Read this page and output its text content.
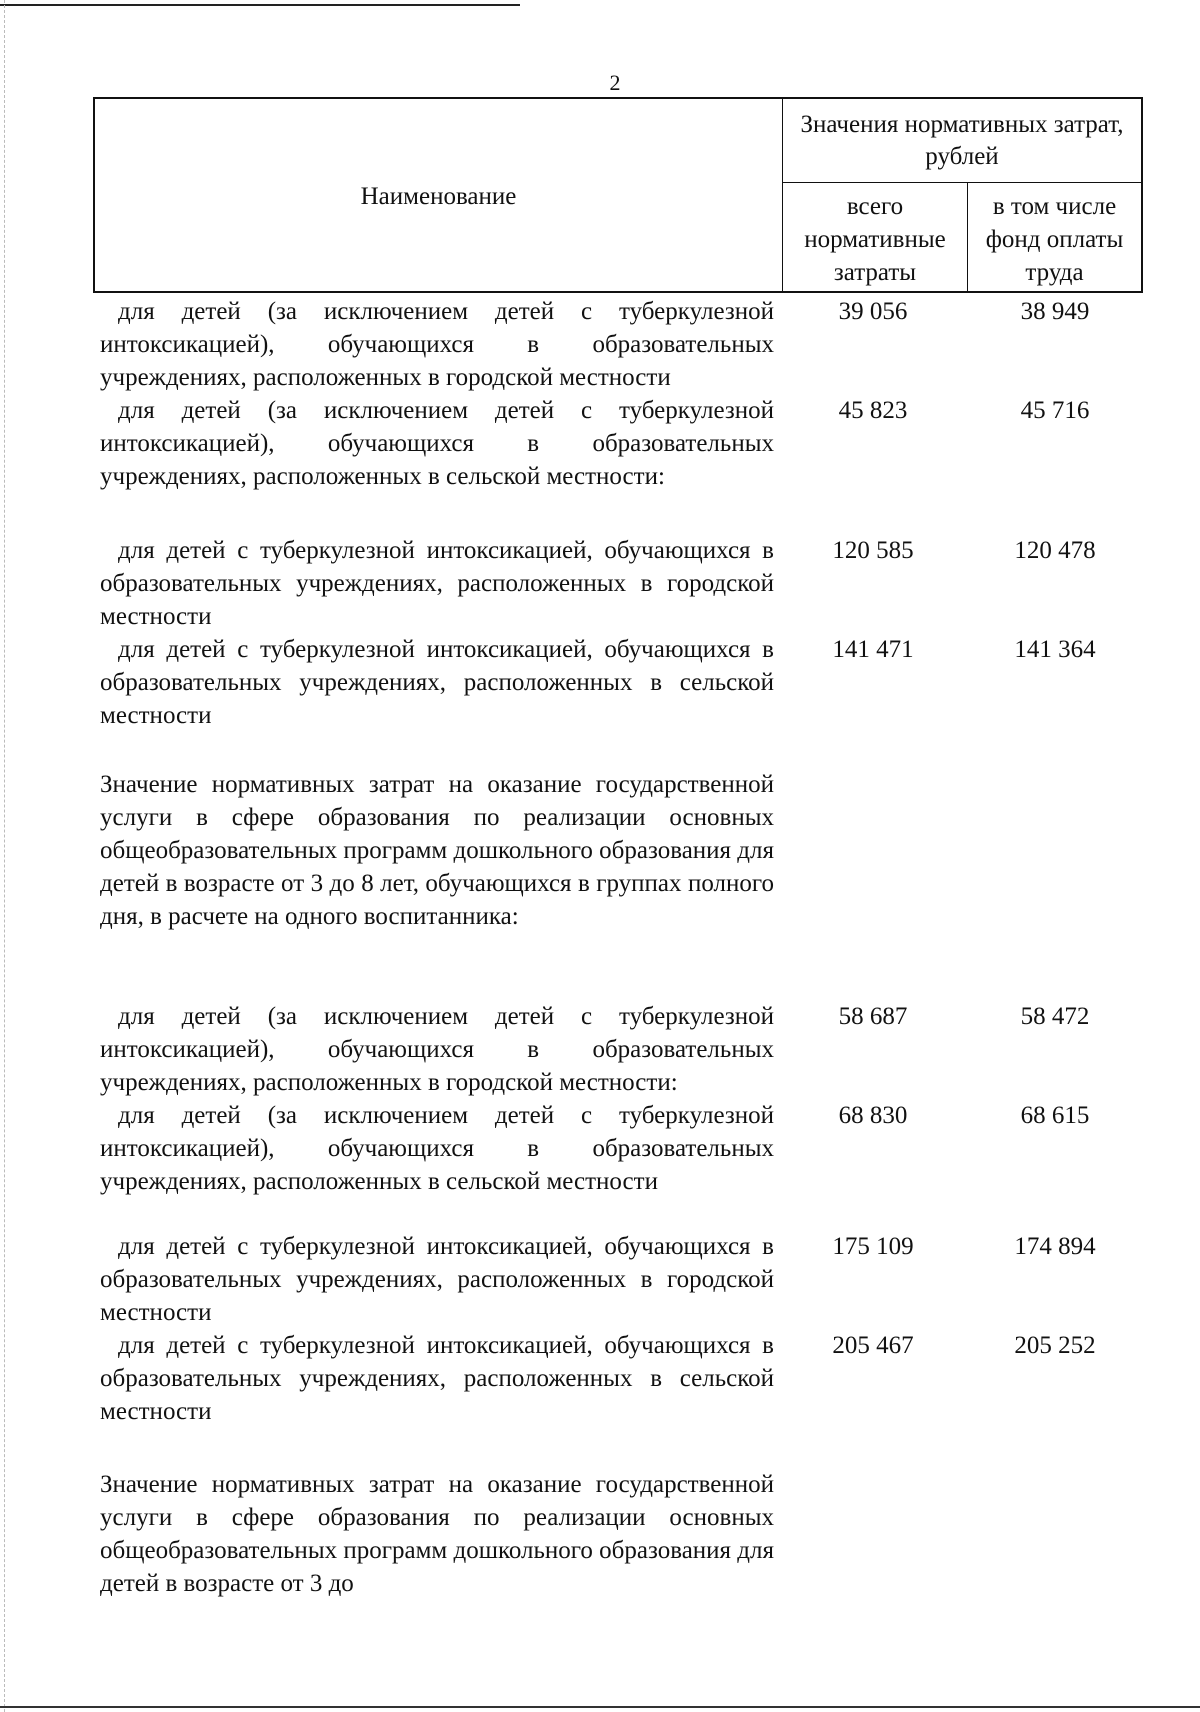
2
Наименование
Значения нормативных затрат, рублей
всего нормативные затраты
в том числе фонд оплаты труда
для детей (за исключением детей с туберкулезной интоксикацией), обучающихся в образовательных учреждениях, расположенных в городской местности
39 056	38 949
для детей (за исключением детей с туберкулезной интоксикацией), обучающихся в образовательных учреждениях, расположенных в сельской местности:
45 823	45 716
для детей с туберкулезной интоксикацией, обучающихся в образовательных учреждениях, расположенных в городской местности
120 585	120 478
для детей с туберкулезной интоксикацией, обучающихся в образовательных учреждениях, расположенных в сельской местности
141 471	141 364
Значение нормативных затрат на оказание государственной услуги в сфере образования по реализации основных общеобразовательных программ дошкольного образования для детей в возрасте от 3 до 8 лет, обучающихся в группах полного дня, в расчете на одного воспитанника:
для детей (за исключением детей с туберкулезной интоксикацией), обучающихся в образовательных учреждениях, расположенных в городской местности:
58 687	58 472
для детей (за исключением детей с туберкулезной интоксикацией), обучающихся в образовательных учреждениях, расположенных в сельской местности
68 830	68 615
для детей с туберкулезной интоксикацией, обучающихся в образовательных учреждениях, расположенных в городской местности
175 109	174 894
для детей с туберкулезной интоксикацией, обучающихся в образовательных учреждениях, расположенных в сельской местности
205 467	205 252
Значение нормативных затрат на оказание государственной услуги в сфере образования по реализации основных общеобразовательных программ дошкольного образования для детей в возрасте от 3 до
